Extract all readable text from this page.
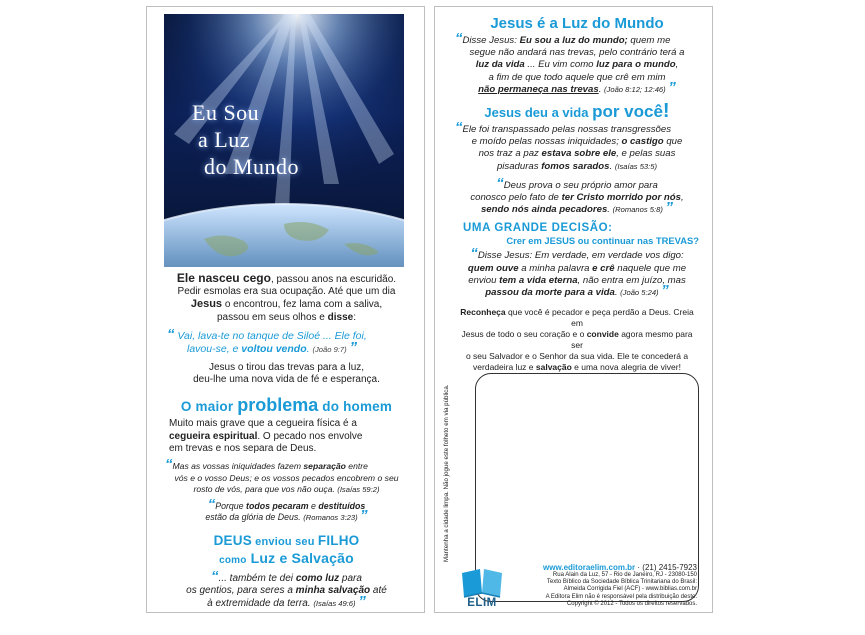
Eu Sou
a Luz
do Mundo
Ele nasceu cego, passou anos na escuridão.
Pedir esmolas era sua ocupação. Até que um dia
Jesus o encontrou, fez lama com a saliva,
passou em seus olhos e disse:
“ Vai, lava-te no tanque de Siloé ... Ele foi,
lavou-se, e voltou vendo. (João 9:7) ”
Jesus o tirou das trevas para a luz,
deu-lhe uma nova vida de fé e esperança.
O maior problema do homem
Muito mais grave que a cegueira física é a
cegueira espiritual. O pecado nos envolve
em trevas e nos separa de Deus.
“Mas as vossas iniquidades fazem separação entre
vós e o vosso Deus; e os vossos pecados encobrem o seu
rosto de vós, para que vos não ouça. (Isaías 59:2)
“Porque todos pecaram e destituídos
estão da glória de Deus. (Romanos 3:23) ”
DEUS enviou seu FILHO
como Luz e Salvação
“... também te dei como luz para
os gentios, para seres a minha salvação até
à extremidade da terra. (Isaías 49:6) ”
Jesus é a Luz do Mundo
“Disse Jesus: Eu sou a luz do mundo; quem me
segue não andará nas trevas, pelo contrário terá a
luz da vida ... Eu vim como luz para o mundo,
a fim de que todo aquele que crê em mim
não permaneça nas trevas. (João 8:12; 12:46) ”
Jesus deu a vida por você!
“Ele foi transpassado pelas nossas transgressões
e moído pelas nossas iniquidades; o castigo que
nos traz a paz estava sobre ele, e pelas suas
pisaduras fomos sarados. (Isaías 53:5)
“Deus prova o seu próprio amor para
conosco pelo fato de ter Cristo morrido por nós,
sendo nós ainda pecadores. (Romanos 5:8) ”
UMA GRANDE DECISÃO:
Crer em JESUS ou continuar nas TREVAS?
“Disse Jesus: Em verdade, em verdade vos digo:
quem ouve a minha palavra e crê naquele que me
enviou tem a vida eterna, não entra em juízo, mas
passou da morte para a vida. (João 5:24) ”
Reconheça que você é pecador e peça perdão a Deus. Creia em
Jesus de todo o seu coração e o convide agora mesmo para ser
o seu Salvador e o Senhor da sua vida. Ele te concederá a
verdadeira luz e salvação e uma nova alegria de viver!
Mantenha a cidade limpa. Não jogue este folheto em via pública.
ELIM
www.editoraelim.com.br · (21) 2415-7923
Rua Alain da Luz, 57 - Rio de Janeiro, RJ - 23080-150
Texto Bíblico da Sociedade Bíblica Trinitariana do Brasil:
Almeida Corrigida Fiel (ACF) - www.biblias.com.br
A Editora Elim não é responsável pela distribuição deste.
Copyright © 2012 - Todos os direitos reservados.
